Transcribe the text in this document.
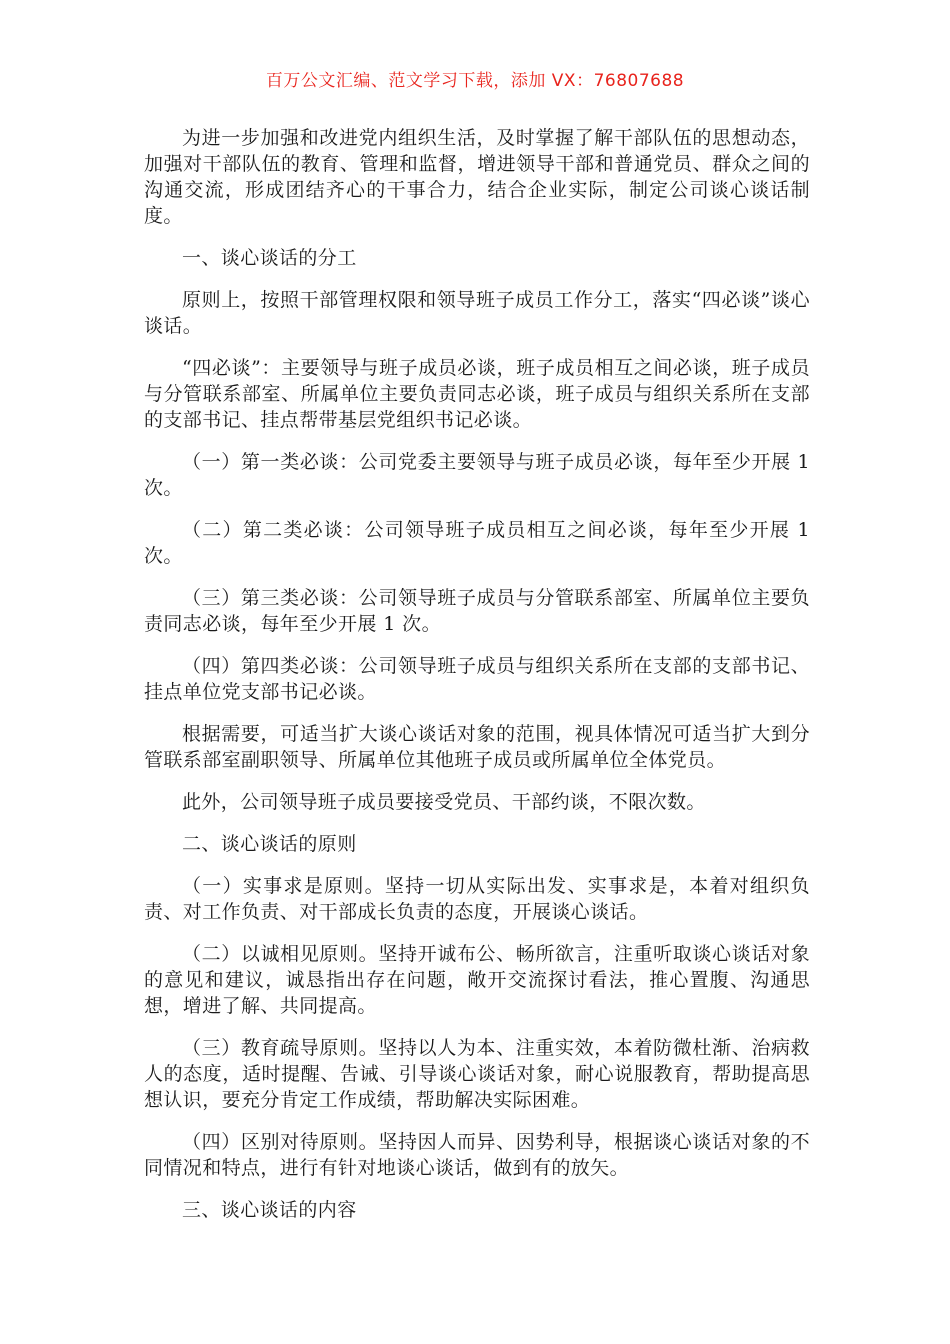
百万公文汇编、范文学习下载，添加 VX：76807688

为进一步加强和改进党内组织生活，及时掌握了解干部队伍的思想动态，加强对干部队伍的教育、管理和监督，增进领导干部和普通党员、群众之间的沟通交流，形成团结齐心的干事合力，结合企业实际，制定公司谈心谈话制度。

一、谈心谈话的分工

原则上，按照干部管理权限和领导班子成员工作分工，落实“四必谈”谈心谈话。

“四必谈”：主要领导与班子成员必谈，班子成员相互之间必谈，班子成员与分管联系部室、所属单位主要负责同志必谈，班子成员与组织关系所在支部的支部书记、挂点帮带基层党组织书记必谈。

（一）第一类必谈：公司党委主要领导与班子成员必谈，每年至少开展 1 次。

（二）第二类必谈：公司领导班子成员相互之间必谈，每年至少开展 1 次。

（三）第三类必谈：公司领导班子成员与分管联系部室、所属单位主要负责同志必谈，每年至少开展 1 次。

（四）第四类必谈：公司领导班子成员与组织关系所在支部的支部书记、挂点单位党支部书记必谈。

根据需要，可适当扩大谈心谈话对象的范围，视具体情况可适当扩大到分管联系部室副职领导、所属单位其他班子成员或所属单位全体党员。

此外，公司领导班子成员要接受党员、干部约谈，不限次数。

二、谈心谈话的原则

（一）实事求是原则。坚持一切从实际出发、实事求是，本着对组织负责、对工作负责、对干部成长负责的态度，开展谈心谈话。

（二）以诚相见原则。坚持开诚布公、畅所欲言，注重听取谈心谈话对象的意见和建议，诚恳指出存在问题，敞开交流探讨看法，推心置腹、沟通思想，增进了解、共同提高。

（三）教育疏导原则。坚持以人为本、注重实效，本着防微杜渐、治病救人的态度，适时提醒、告诫、引导谈心谈话对象，耐心说服教育，帮助提高思想认识，要充分肯定工作成绩，帮助解决实际困难。

（四）区别对待原则。坚持因人而异、因势利导，根据谈心谈话对象的不同情况和特点，进行有针对地谈心谈话，做到有的放矢。

三、谈心谈话的内容
